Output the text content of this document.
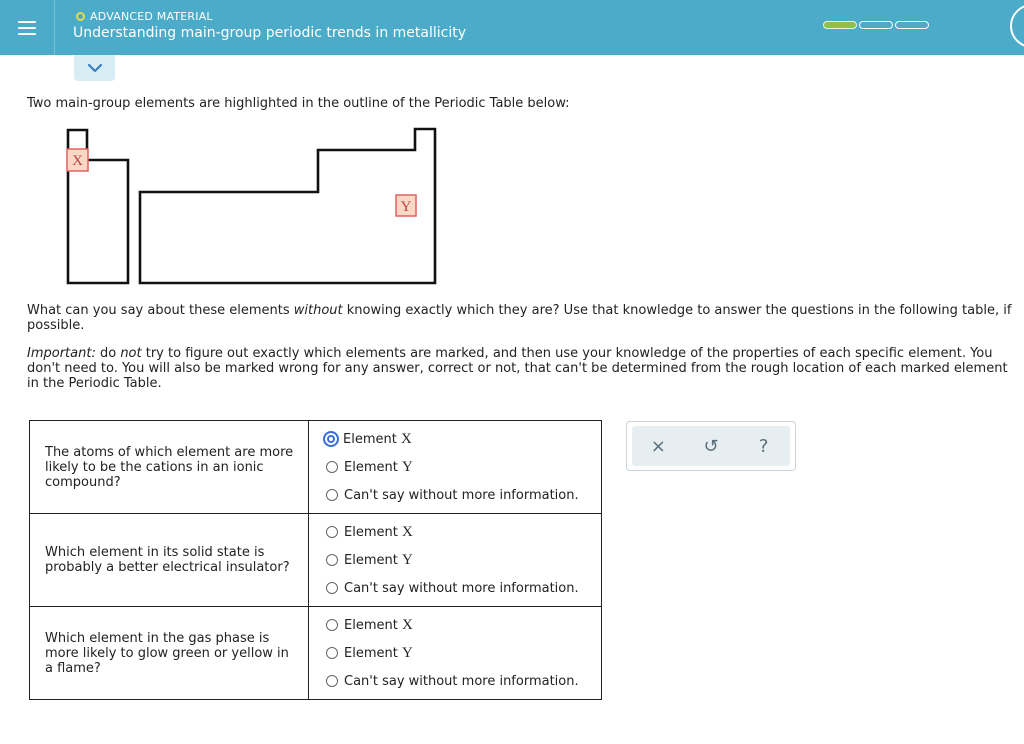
ADVANCED MATERIAL
Understanding main-group periodic trends in metallicity
Two main-group elements are highlighted in the outline of the Periodic Table below:
X
Y
What can you say about these elements without knowing exactly which they are? Use that knowledge to answer the questions in the following table, if possible.
Important: do not try to figure out exactly which elements are marked, and then use your knowledge of the properties of each specific element. You don't need to. You will also be marked wrong for any answer, correct or not, that can't be determined from the rough location of each marked element in the Periodic Table.
The atoms of which element are more likely to be the cations in an ionic compound?	Element X
Element Y
Can't say without more information.

Which element in its solid state is probably a better electrical insulator?	Element X
Element Y
Can't say without more information.

Which element in the gas phase is more likely to glow green or yellow in a flame?	Element X
Element Y
Can't say without more information.
× ↺ ?
